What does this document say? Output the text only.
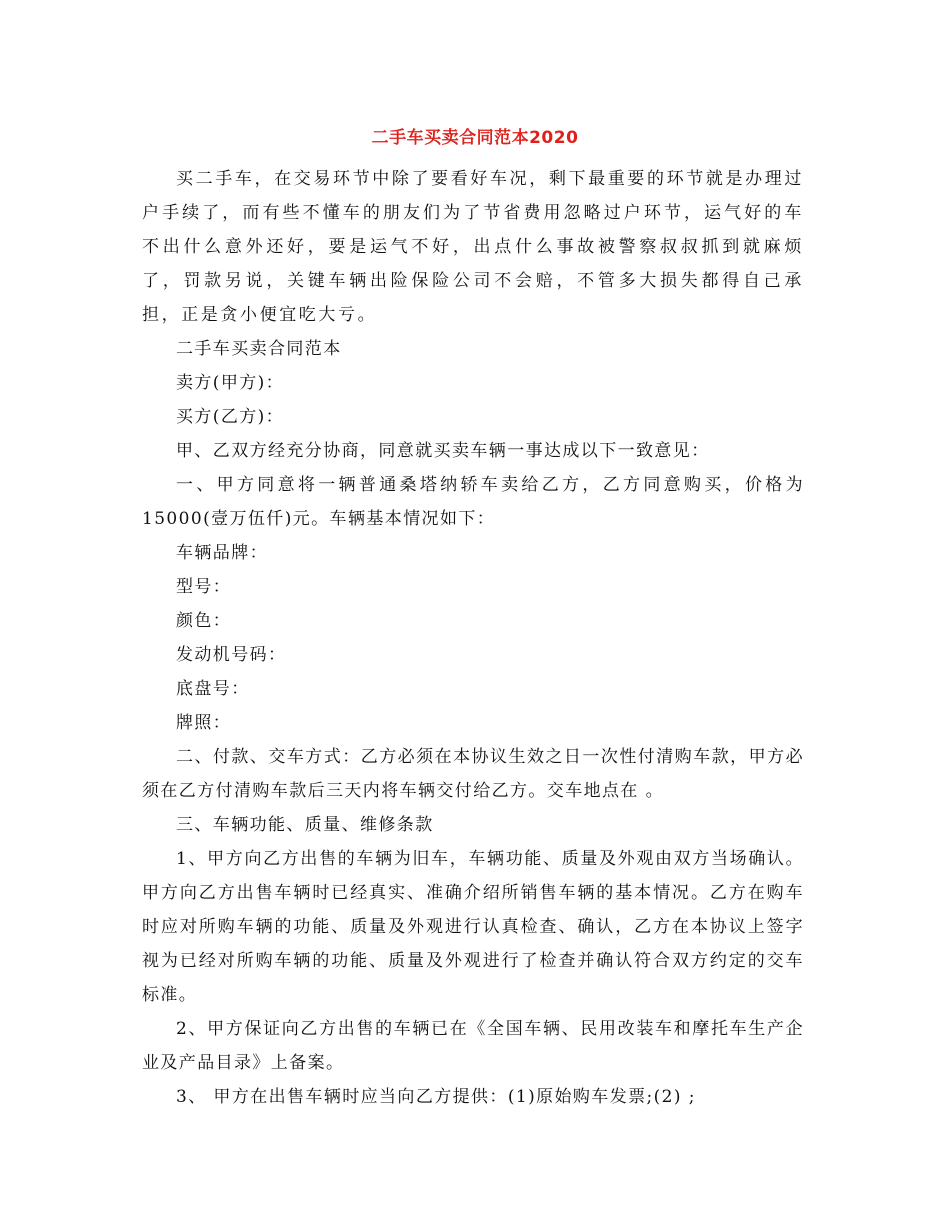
二手车买卖合同范本2020

买二手车，在交易环节中除了要看好车况，剩下最重要的环节就是办理过户手续了，而有些不懂车的朋友们为了节省费用忽略过户环节，运气好的车不出什么意外还好，要是运气不好，出点什么事故被警察叔叔抓到就麻烦了，罚款另说，关键车辆出险保险公司不会赔，不管多大损失都得自己承担，正是贪小便宜吃大亏。

二手车买卖合同范本

卖方(甲方)：

买方(乙方)：

甲、乙双方经充分协商，同意就买卖车辆一事达成以下一致意见：

一、甲方同意将一辆普通桑塔纳轿车卖给乙方，乙方同意购买，价格为15000(壹万伍仟)元。车辆基本情况如下：

车辆品牌：

型号：

颜色：

发动机号码：

底盘号：

牌照：

二、付款、交车方式：乙方必须在本协议生效之日一次性付清购车款，甲方必须在乙方付清购车款后三天内将车辆交付给乙方。交车地点在 。

三、车辆功能、质量、维修条款

1、甲方向乙方出售的车辆为旧车，车辆功能、质量及外观由双方当场确认。甲方向乙方出售车辆时已经真实、准确介绍所销售车辆的基本情况。乙方在购车时应对所购车辆的功能、质量及外观进行认真检查、确认，乙方在本协议上签字视为已经对所购车辆的功能、质量及外观进行了检查并确认符合双方约定的交车标准。

2、甲方保证向乙方出售的车辆已在《全国车辆、民用改装车和摩托车生产企业及产品目录》上备案。

3、 甲方在出售车辆时应当向乙方提供：(1)原始购车发票;(2) ;
